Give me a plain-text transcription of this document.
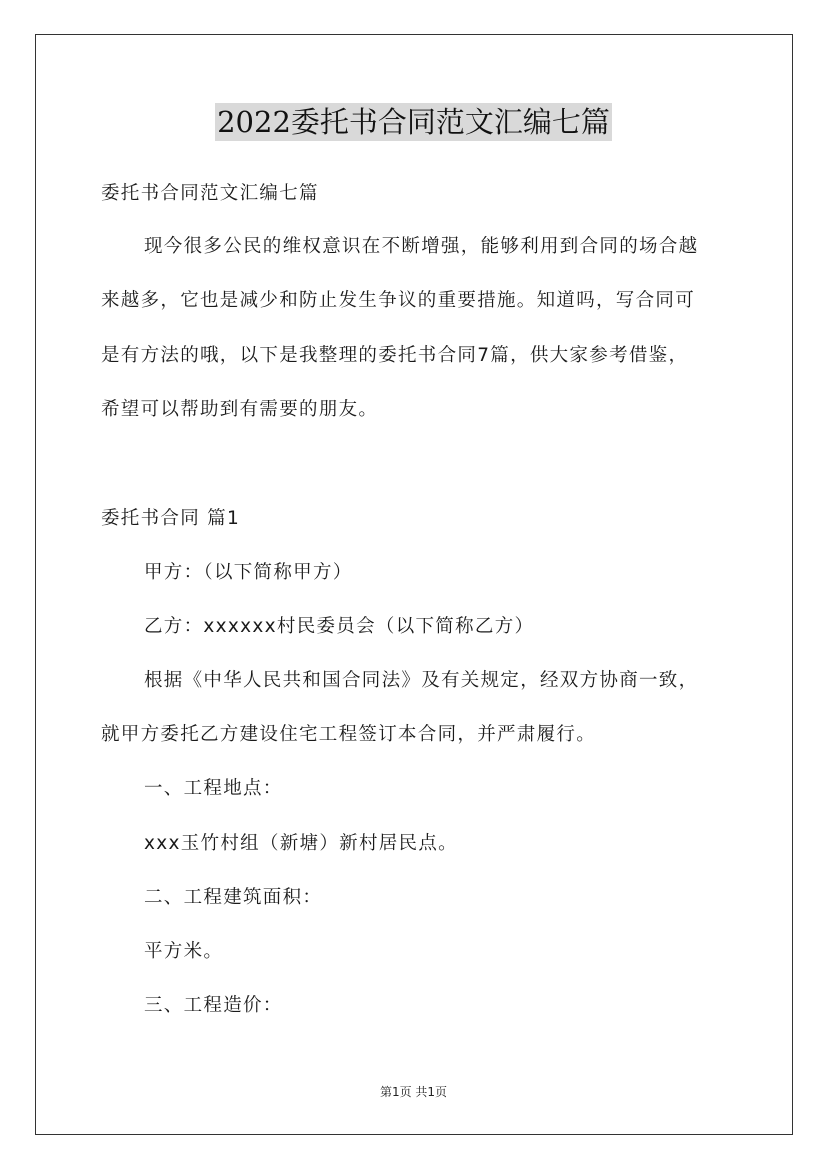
2022委托书合同范文汇编七篇
委托书合同范文汇编七篇
现今很多公民的维权意识在不断增强，能够利用到合同的场合越
来越多，它也是减少和防止发生争议的重要措施。知道吗，写合同可
是有方法的哦，以下是我整理的委托书合同7篇，供大家参考借鉴，
希望可以帮助到有需要的朋友。
委托书合同 篇1
甲方：（以下简称甲方）
乙方：xxxxxx村民委员会（以下简称乙方）
根据《中华人民共和国合同法》及有关规定，经双方协商一致，
就甲方委托乙方建设住宅工程签订本合同，并严肃履行。
一、工程地点：
xxx玉竹村组（新塘）新村居民点。
二、工程建筑面积：
平方米。
三、工程造价：
第1页 共1页
